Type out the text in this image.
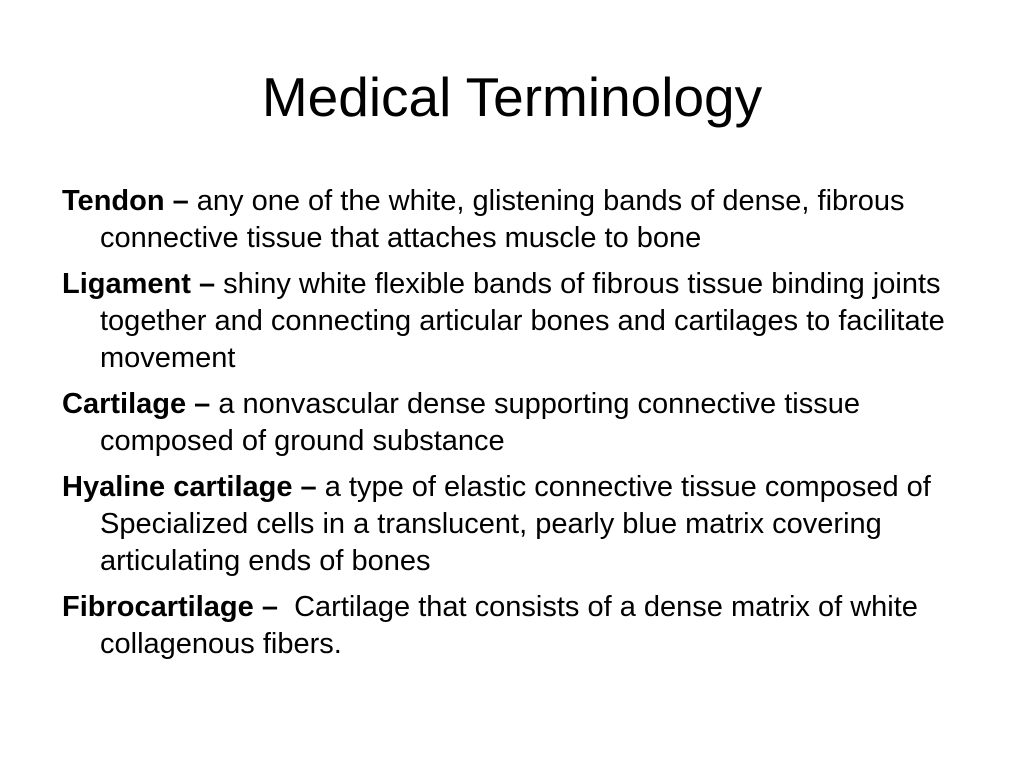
Medical Terminology
Tendon – any one of the white, glistening bands of dense, fibrous connective tissue that attaches muscle to bone
Ligament – shiny white flexible bands of fibrous tissue binding joints together and connecting articular bones and cartilages to facilitate movement
Cartilage – a nonvascular dense supporting connective tissue composed of ground substance
Hyaline cartilage – a type of elastic connective tissue composed of Specialized cells in a translucent, pearly blue matrix covering articulating ends of bones
Fibrocartilage – Cartilage that consists of a dense matrix of white collagenous fibers.
